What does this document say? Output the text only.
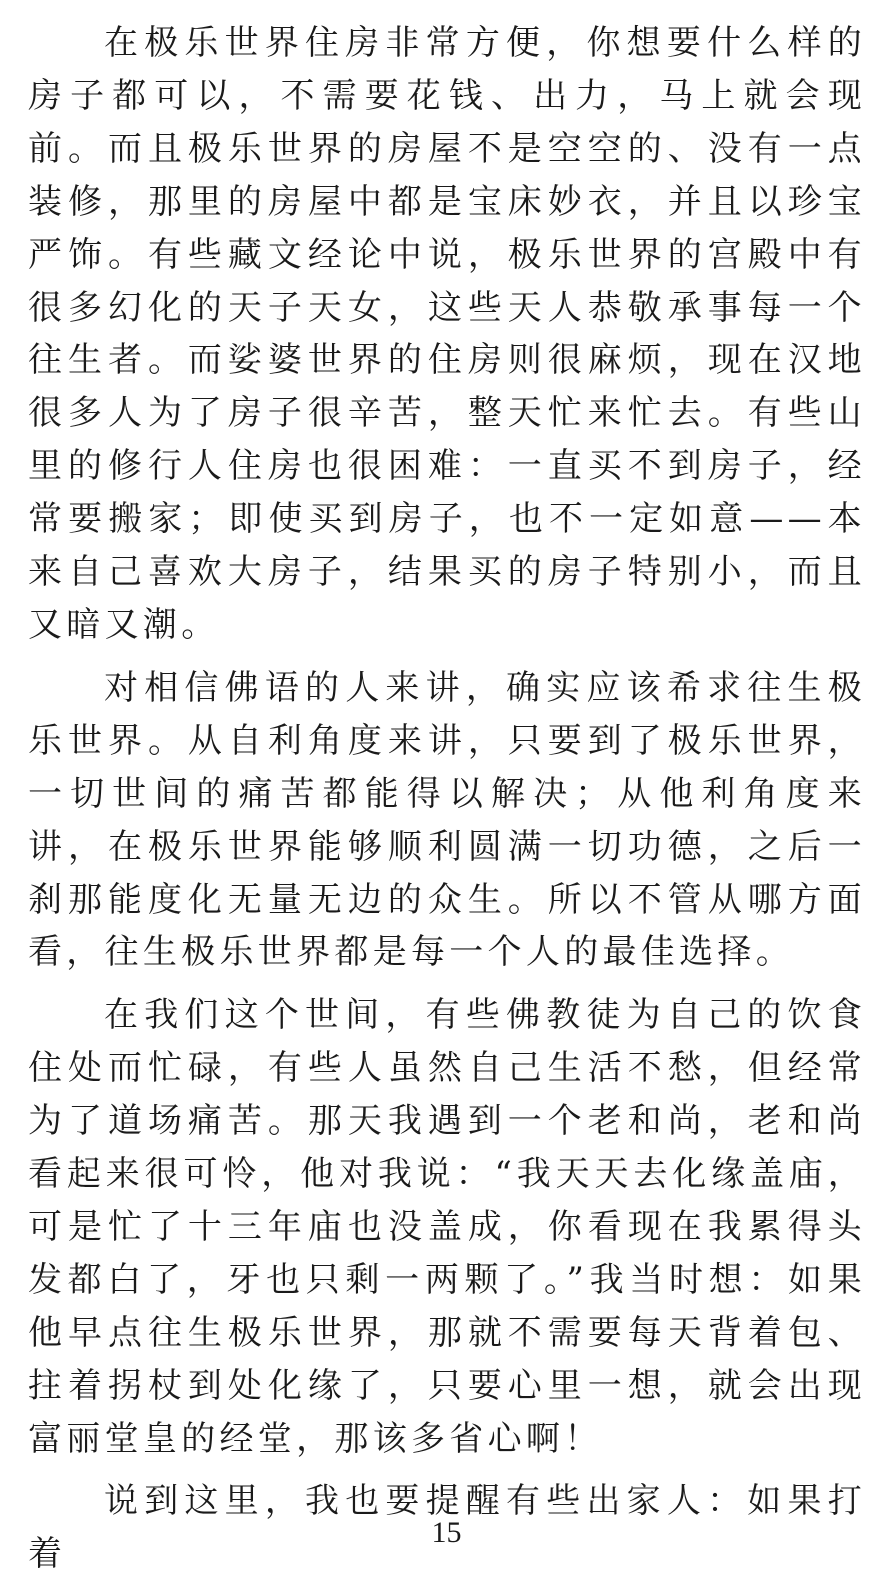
在极乐世界住房非常方便，你想要什么样的房子都可以，不需要花钱、出力，马上就会现前。而且极乐世界的房屋不是空空的、没有一点装修，那里的房屋中都是宝床妙衣，并且以珍宝严饰。有些藏文经论中说，极乐世界的宫殿中有很多幻化的天子天女，这些天人恭敬承事每一个往生者。而娑婆世界的住房则很麻烦，现在汉地很多人为了房子很辛苦，整天忙来忙去。有些山里的修行人住房也很困难：一直买不到房子，经常要搬家；即使买到房子，也不一定如意——本来自己喜欢大房子，结果买的房子特别小，而且又暗又潮。

对相信佛语的人来讲，确实应该希求往生极乐世界。从自利角度来讲，只要到了极乐世界，一切世间的痛苦都能得以解决；从他利角度来讲，在极乐世界能够顺利圆满一切功德，之后一刹那能度化无量无边的众生。所以不管从哪方面看，往生极乐世界都是每一个人的最佳选择。

在我们这个世间，有些佛教徒为自己的饮食住处而忙碌，有些人虽然自己生活不愁，但经常为了道场痛苦。那天我遇到一个老和尚，老和尚看起来很可怜，他对我说：“我天天去化缘盖庙，可是忙了十三年庙也没盖成，你看现在我累得头发都白了，牙也只剩一两颗了。”我当时想：如果他早点往生极乐世界，那就不需要每天背着包、拄着拐杖到处化缘了，只要心里一想，就会出现富丽堂皇的经堂，那该多省心啊！

说到这里，我也要提醒有些出家人：如果打着

15
